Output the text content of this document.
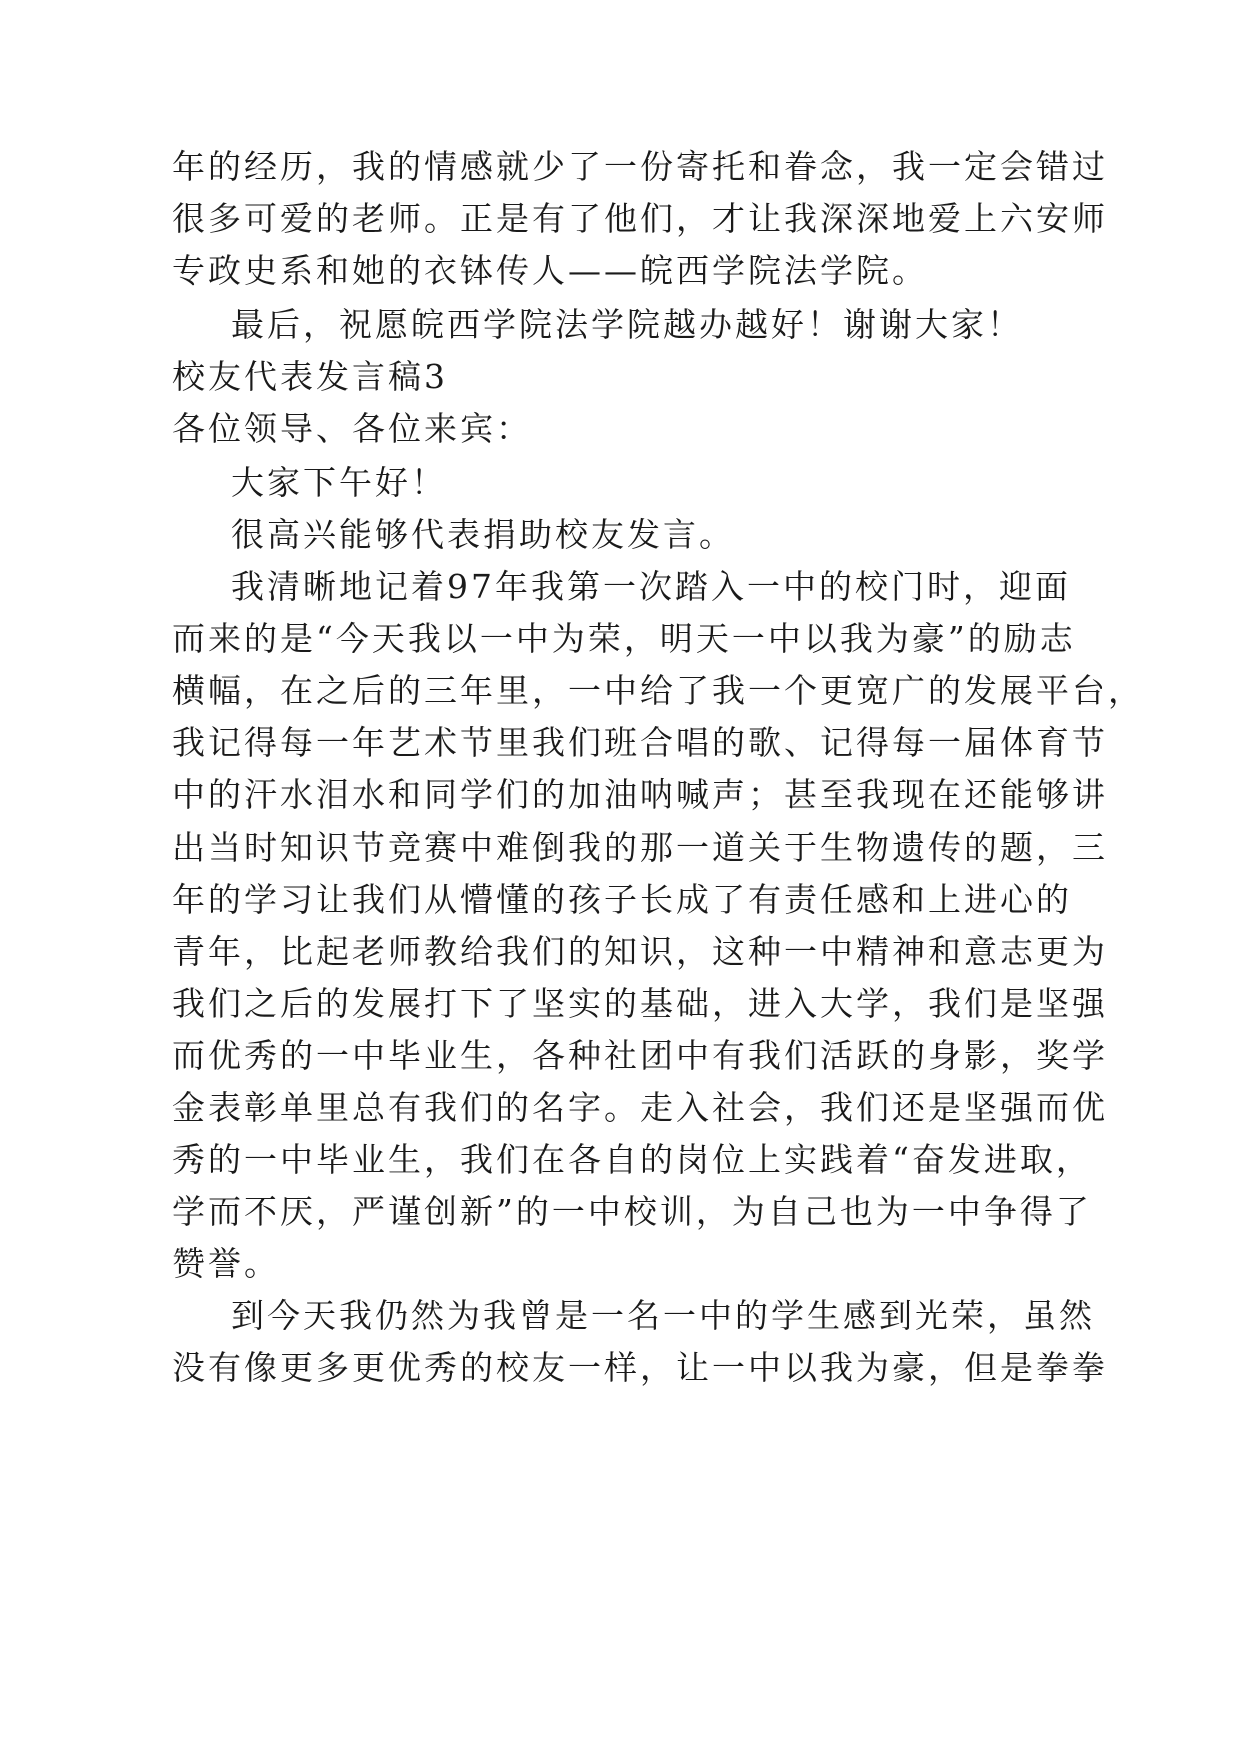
年的经历，我的情感就少了一份寄托和眷念，我一定会错过
很多可爱的老师。正是有了他们，才让我深深地爱上六安师
专政史系和她的衣钵传人——皖西学院法学院。
最后，祝愿皖西学院法学院越办越好！谢谢大家！
校友代表发言稿3
各位领导、各位来宾：
大家下午好！
很高兴能够代表捐助校友发言。
我清晰地记着97年我第一次踏入一中的校门时，迎面
而来的是“今天我以一中为荣，明天一中以我为豪”的励志
横幅，在之后的三年里，一中给了我一个更宽广的发展平台，
我记得每一年艺术节里我们班合唱的歌、记得每一届体育节
中的汗水泪水和同学们的加油呐喊声；甚至我现在还能够讲
出当时知识节竞赛中难倒我的那一道关于生物遗传的题，三
年的学习让我们从懵懂的孩子长成了有责任感和上进心的
青年，比起老师教给我们的知识，这种一中精神和意志更为
我们之后的发展打下了坚实的基础，进入大学，我们是坚强
而优秀的一中毕业生，各种社团中有我们活跃的身影，奖学
金表彰单里总有我们的名字。走入社会，我们还是坚强而优
秀的一中毕业生，我们在各自的岗位上实践着“奋发进取，
学而不厌，严谨创新”的一中校训，为自己也为一中争得了
赞誉。
到今天我仍然为我曾是一名一中的学生感到光荣，虽然
没有像更多更优秀的校友一样，让一中以我为豪，但是拳拳
